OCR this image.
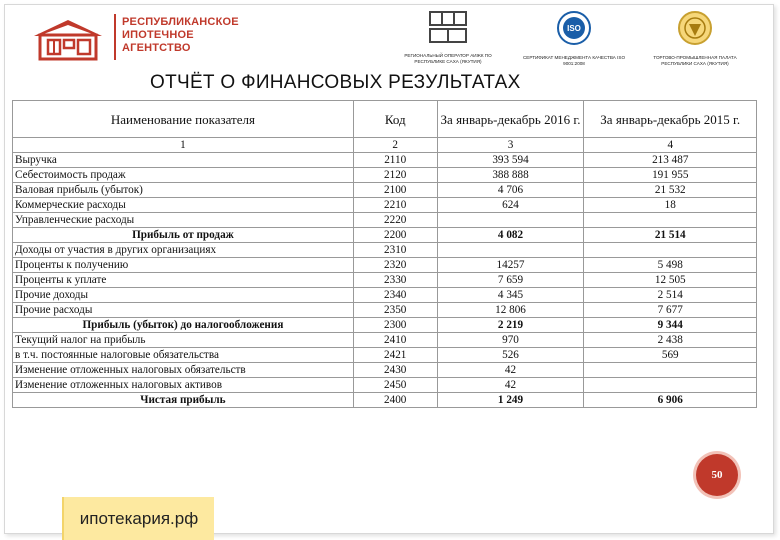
РЕСПУБЛИКАНСКОЕ
ИПОТЕЧНОЕ
АГЕНТСТВО
РЕГИОНАЛЬНЫЙ ОПЕРАТОР АИЖК ПО РЕСПУБЛИКЕ САХА (ЯКУТИЯ)
ISO
СЕРТИФИКАТ МЕНЕДЖМЕНТА КАЧЕСТВА ISO 9001:2008
ТОРГОВО-ПРОМЫШЛЕННАЯ ПАЛАТА РЕСПУБЛИКИ САХА (ЯКУТИЯ)
ОТЧЁТ О ФИНАНСОВЫХ РЕЗУЛЬТАТАХ
Наименование показателя	Код	За январь-декабрь 2016 г.	За январь-декабрь 2015 г.
1	2	3	4
Выручка	2110	393 594	213 487
Себестоимость продаж	2120	388 888	191 955
Валовая прибыль (убыток)	2100	4 706	21 532
Коммерческие расходы	2210	624	18
Управленческие расходы	2220		
Прибыль от продаж	2200	4 082	21 514
Доходы от участия в других организациях	2310		
Проценты к получению	2320	14257	5 498
Проценты к уплате	2330	7 659	12 505
Прочие доходы	2340	4 345	2 514
Прочие расходы	2350	12 806	7 677
Прибыль (убыток) до налогообложения	2300	2 219	9 344
Текущий налог на прибыль	2410	970	2 438
в т.ч. постоянные налоговые обязательства	2421	526	569
Изменение отложенных налоговых обязательств	2430	42	
Изменение отложенных налоговых активов	2450	42	
Чистая прибыль	2400	1 249	6 906
50
ипотекария.рф
